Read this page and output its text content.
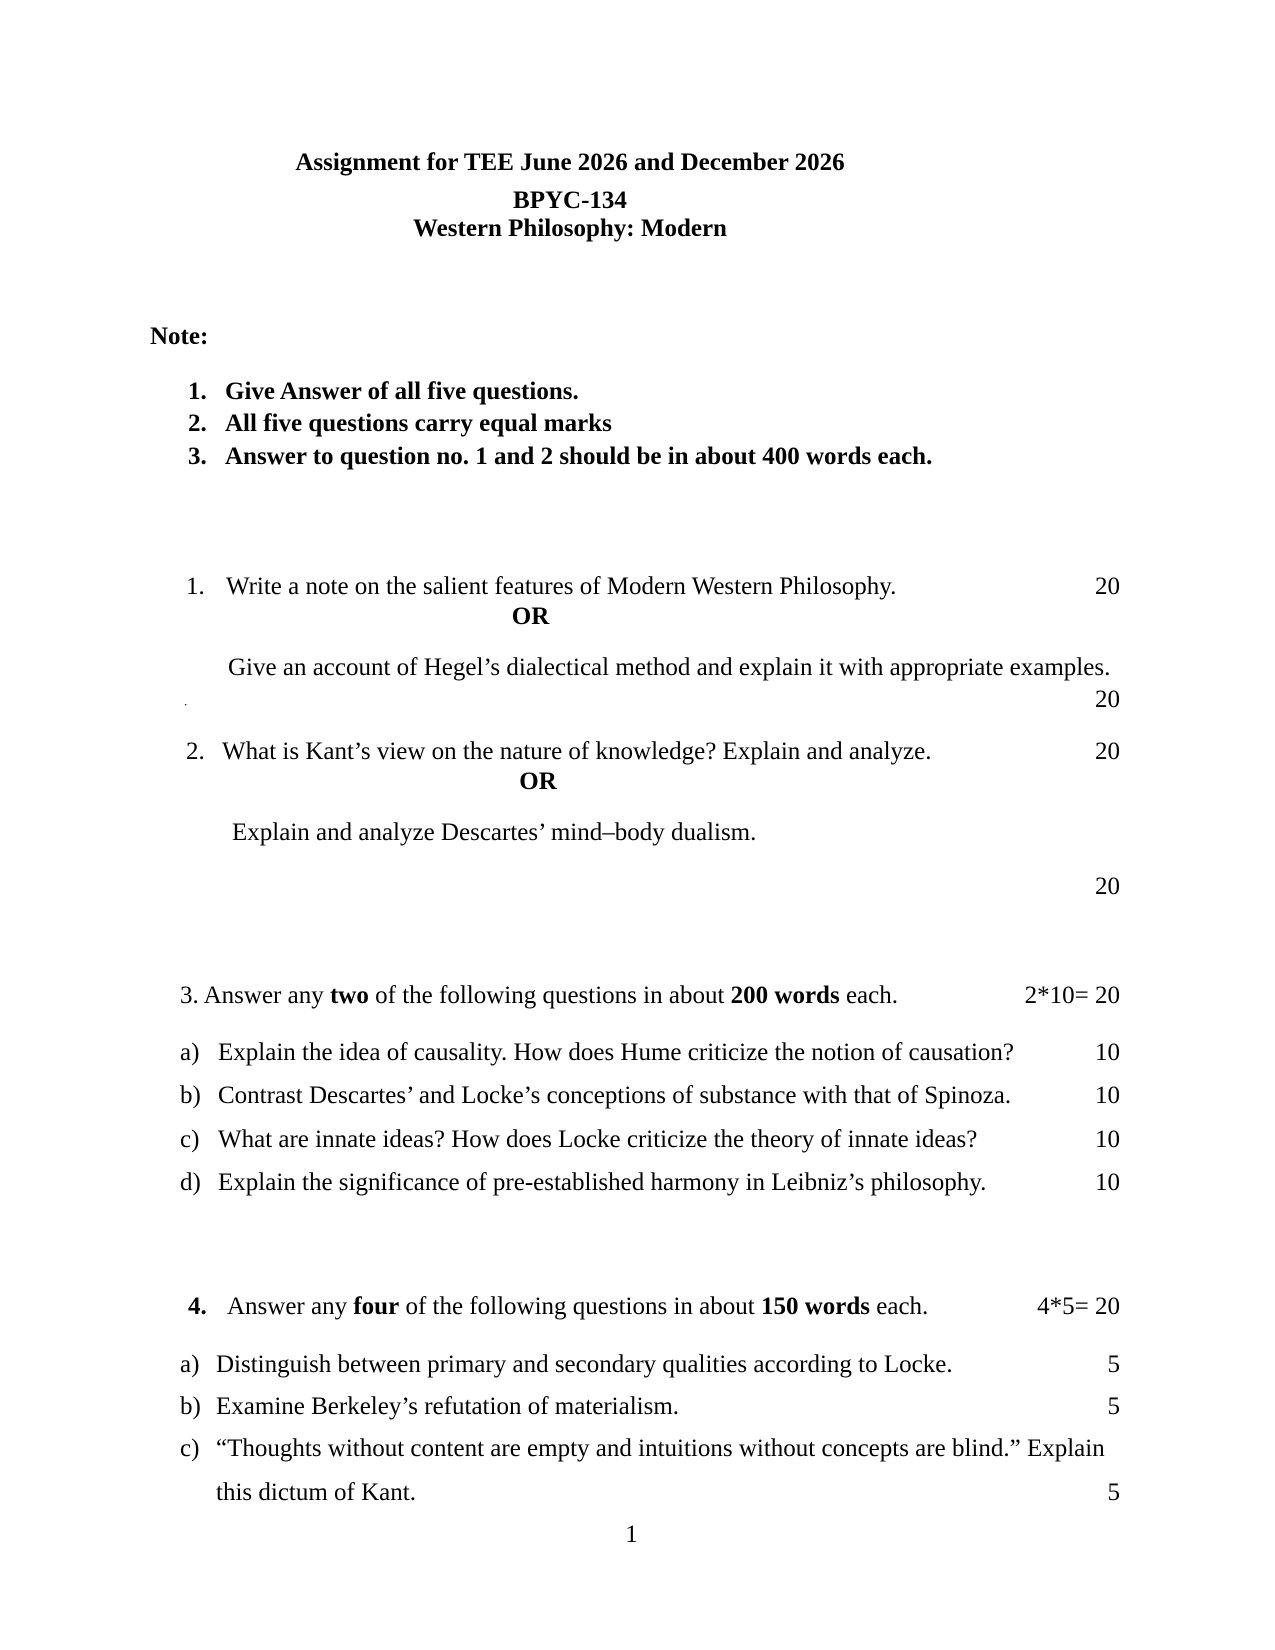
Assignment for TEE June 2026 and December 2026
BPYC-134
Western Philosophy: Modern
Note:
1. Give Answer of all five questions.
2. All five questions carry equal marks
3. Answer to question no. 1 and 2 should be in about 400 words each.
1. Write a note on the salient features of Modern Western Philosophy.	20
OR
Give an account of Hegel’s dialectical method and explain it with appropriate examples.
.	20
2. What is Kant’s view on the nature of knowledge? Explain and analyze.	20
OR
Explain and analyze Descartes’ mind–body dualism.
20
3. Answer any two of the following questions in about 200 words each.	2*10= 20
a) Explain the idea of causality. How does Hume criticize the notion of causation?	10
b) Contrast Descartes’ and Locke’s conceptions of substance with that of Spinoza.	10
c) What are innate ideas? How does Locke criticize the theory of innate ideas?	10
d) Explain the significance of pre-established harmony in Leibniz’s philosophy.	10
4. Answer any four of the following questions in about 150 words each.	4*5= 20
a) Distinguish between primary and secondary qualities according to Locke.	5
b) Examine Berkeley’s refutation of materialism.	5
c) “Thoughts without content are empty and intuitions without concepts are blind.” Explain
this dictum of Kant.	5
1
